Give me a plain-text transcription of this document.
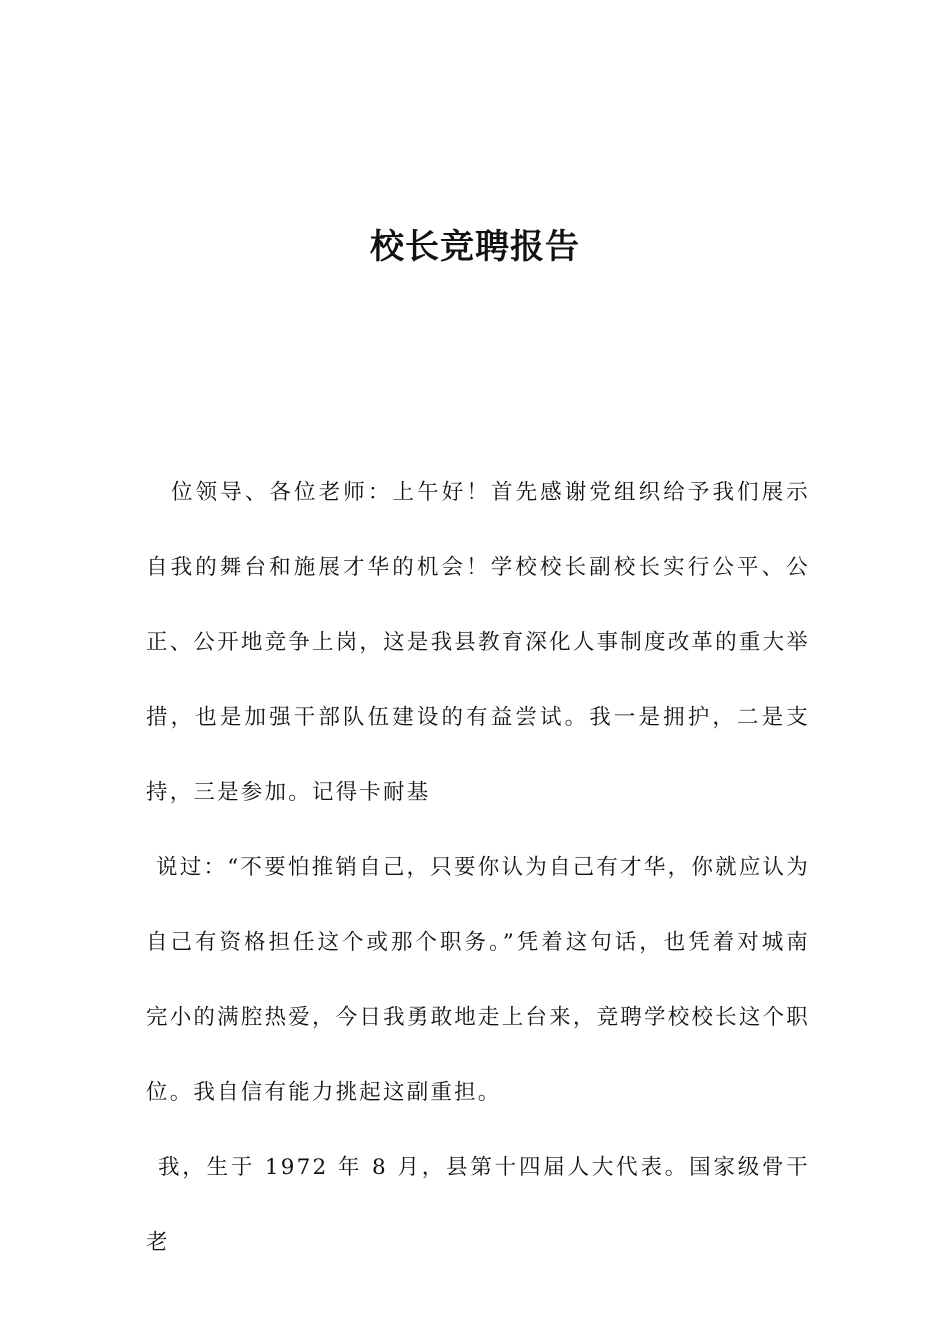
校长竞聘报告

位领导、各位老师：上午好！首先感谢党组织给予我们展示自我的舞台和施展才华的机会！学校校长副校长实行公平、公正、公开地竞争上岗，这是我县教育深化人事制度改革的重大举措，也是加强干部队伍建设的有益尝试。我一是拥护，二是支持，三是参加。记得卡耐基

说过：“不要怕推销自己，只要你认为自己有才华，你就应认为自己有资格担任这个或那个职务。”凭着这句话，也凭着对城南完小的满腔热爱，今日我勇敢地走上台来，竞聘学校校长这个职位。我自信有能力挑起这副重担。

我，生于 1972 年 8 月，县第十四届人大代表。国家级骨干老
